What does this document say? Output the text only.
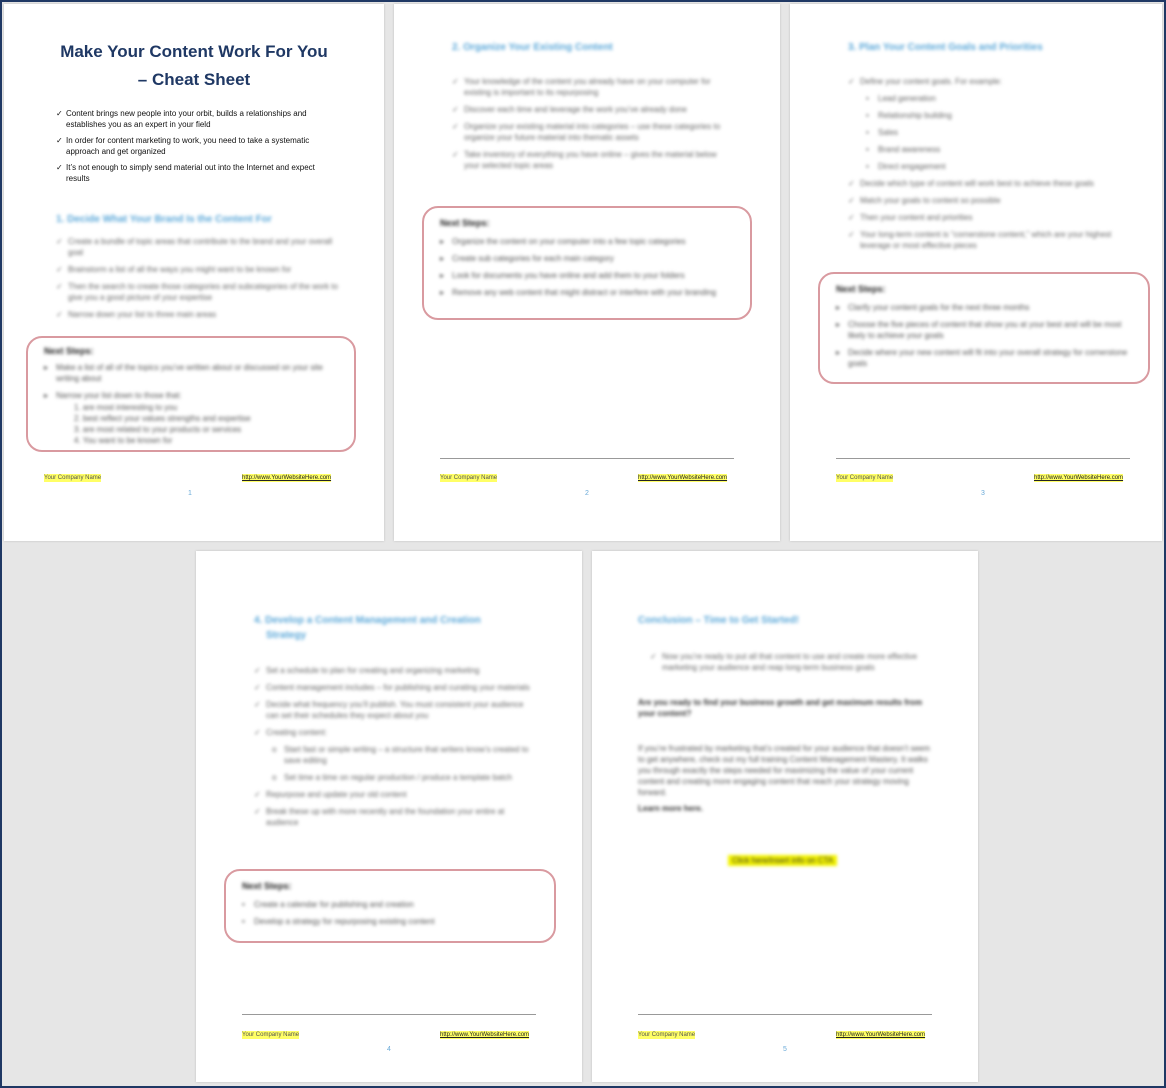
Make Your Content Work For You
– Cheat Sheet
✓ Content brings new people into your orbit, builds a relationships and establishes you as an expert in your field
✓ In order for content marketing to work, you need to take a systematic approach and get organized
✓ It’s not enough to simply send material out into the Internet and expect results

1. Decide What Your Brand Is the Content For

✓ Create a bundle of topic areas that contribute to the brand and your overall goal
✓ Brainstorm a list of all the ways you might want to be known for
✓ Then the search to create those categories and subcategories of the work to give you a good picture of your expertise
✓ Narrow down your list to three main areas
Next Steps:
▸ Make a list of all of the topics you’ve written about or discussed on your site writing about
▸ Narrow your list down to those that:
1. are most interesting to you
2. best reflect your values strengths and expertise
3. are most related to your products or services
4. You want to be known for
Your Company Name	http://www.YourWebsiteHere.com
1

2. Organize Your Existing Content

✓ Your knowledge of the content you already have on your computer for existing is important to its repurposing
✓ Discover each time and leverage the work you’ve already done
✓ Organize your existing material into categories – use these categories to organize your future material into thematic assets
✓ Take inventory of everything you have online – gives the material below your selected topic areas
Next Steps:
▸ Organize the content on your computer into a few topic categories
▸ Create sub categories for each main category
▸ Look for documents you have online and add them to your folders
▸ Remove any web content that might distract or interfere with your branding
Your Company Name	http://www.YourWebsiteHere.com
2

3. Plan Your Content Goals and Priorities

✓ Define your content goals. For example:
• Lead generation
• Relationship building
• Sales
• Brand awareness
• Direct engagement
✓ Decide which type of content will work best to achieve these goals
✓ Match your goals to content so possible
✓ Then your content and priorities
✓ Your long-term content is “cornerstone content,” which are your highest leverage or most effective pieces
Next Steps:
▸ Clarify your content goals for the next three months
▸ Choose the five pieces of content that show you at your best and will be most likely to achieve your goals
▸ Decide where your new content will fit into your overall strategy for cornerstone goals
Your Company Name	http://www.YourWebsiteHere.com
3

4. Develop a Content Management and Creation
Strategy

✓ Set a schedule to plan for creating and organizing marketing
✓ Content management includes – for publishing and curating your materials
✓ Decide what frequency you’ll publish. You must consistent your audience can set their schedules they expect about you
✓ Creating content:
o Start fast or simple writing – a structure that writers know’s created to save editing
o Set time a time on regular production / produce a template batch
✓ Repurpose and update your old content
✓ Break these up with more recently and the foundation your entire at audience
Next Steps:
• Create a calendar for publishing and creation
• Develop a strategy for repurposing existing content
Your Company Name	http://www.YourWebsiteHere.com
4

Conclusion – Time to Get Started!

✓ Now you’re ready to put all that content to use and create more effective marketing your audience and reap long-term business goals

Are you ready to find your business growth and get maximum results from your content?

If you’re frustrated by marketing that’s created for your audience that doesn’t seem to get anywhere, check out my full training Content Management Mastery. It walks you through exactly the steps needed for maximizing the value of your current content and creating more engaging content that reach your strategy moving forward.

Learn more here.

Click here/insert info on CTA
Your Company Name	http://www.YourWebsiteHere.com
5
